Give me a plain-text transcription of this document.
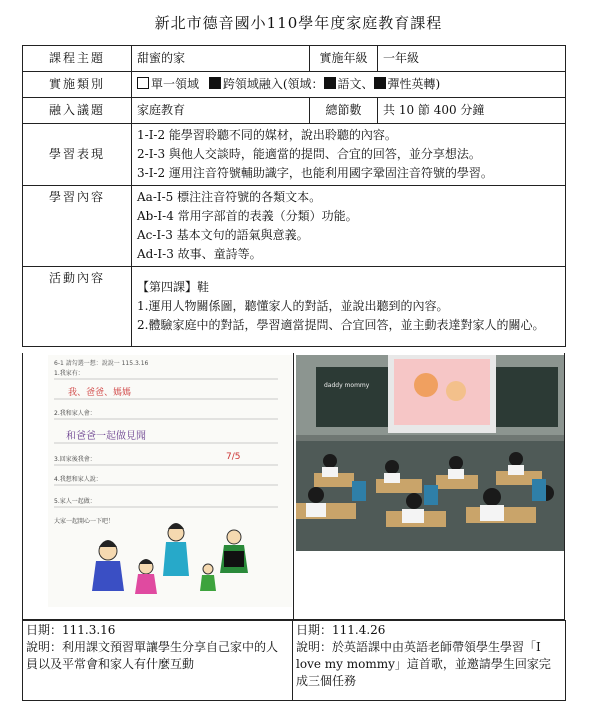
新北市德音國小110學年度家庭教育課程
課程主題	甜蜜的家	實施年級	一年級
實施類別	單一領域 跨領域融入(領域： 語文、 彈性英轉)		
融入議題	家庭教育	總節數	共 10 節 400 分鐘
學習表現	1-I-2 能學習聆聽不同的媒材，說出聆聽的內容。
2-I-3 與他人交談時，能適當的提問、合宜的回答，並分享想法。
3-I-2 運用注音符號輔助識字，也能利用國字鞏固注音符號的學習。		

學習內容	Aa-I-5 標注注音符號的各類文本。
Ab-I-4 常用字部首的表義（分類）功能。
Ac-I-3 基本文句的語氣與意義。
Ad-I-3 故事、童詩等。		

活動內容	【第四課】鞋
1.運用人物關係圖，聽懂家人的對話，並說出聽到的內容。
2.體驗家庭中的對話，學習適當提問、合宜回答，並主動表達對家人的關心。		
6-1 請勾選一想：說說一 115.3.16
1.我家有：
我、爸爸、媽媽
2.我和家人會：
和爸爸一起做見聞
3.回家後我會：	7/5
4.我想和家人說：
5.家人一起做：
大家一起開心一下吧！
daddy mommy
日期：111.3.16
說明：利用課文預習單讓學生分享自己家中的人員以及平常會和家人有什麼互動

日期：111.4.26
說明：於英語課中由英語老師帶領學生學習「I love my mommy」這首歌，並邀請學生回家完成三個任務
